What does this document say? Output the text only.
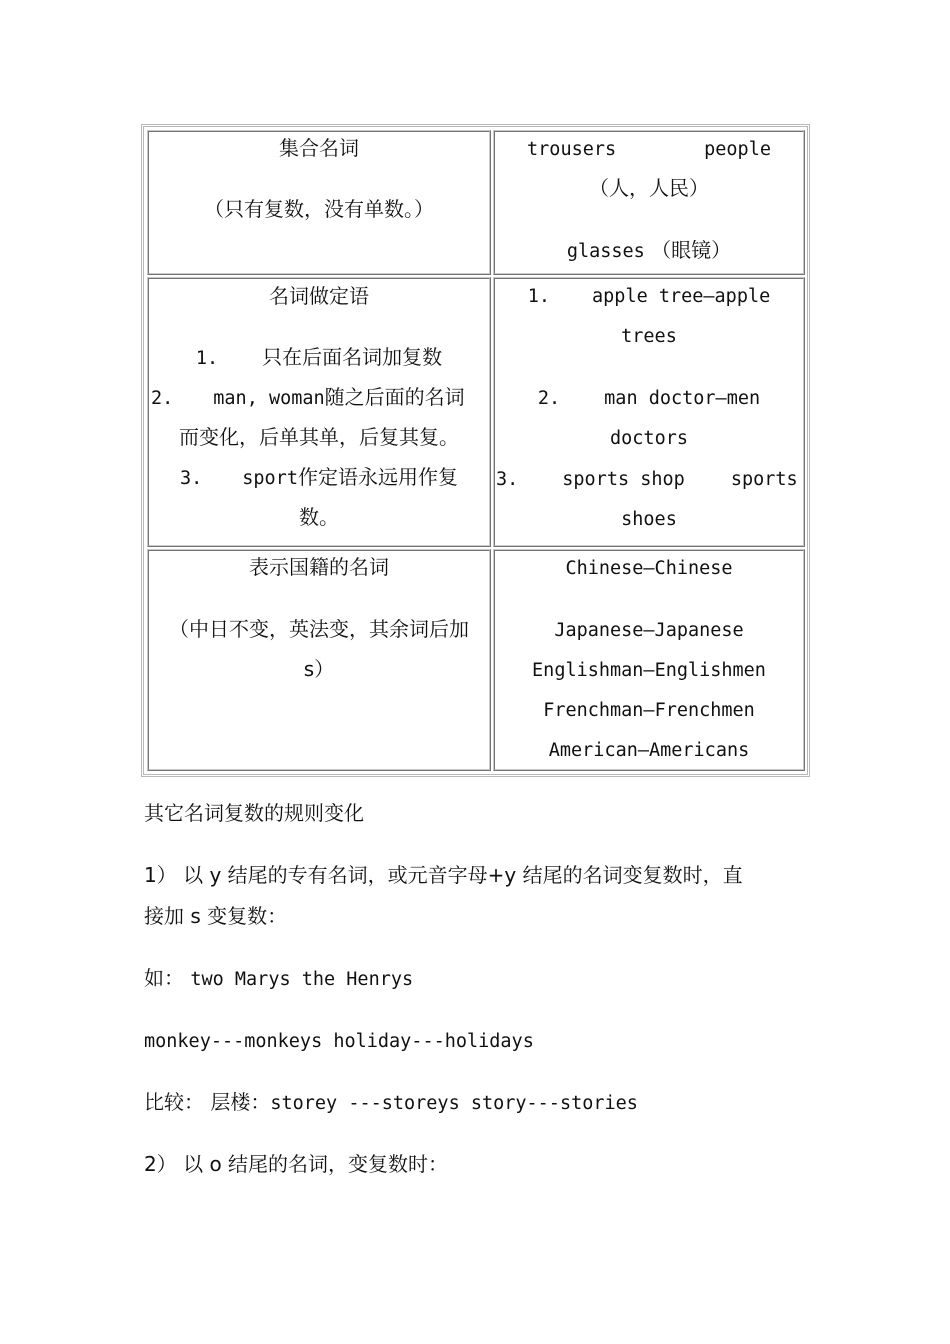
集合名词
（只有复数，没有单数。）
trousers	people
（人，人民）
glasses （眼镜）
名词做定语
1. 只在后面名词加复数
2. man, woman随之后面的名词
而变化，后单其单，后复其复。
3. sport作定语永远用作复
数。
1. apple tree—apple
trees
2. man doctor—men
doctors
3. sports shop sports
shoes
表示国籍的名词
（中日不变，英法变，其余词后加
s）
Chinese—Chinese
Japanese—Japanese
Englishman—Englishmen
Frenchman—Frenchmen
American—Americans
其它名词复数的规则变化
1） 以 y 结尾的专有名词，或元音字母+y 结尾的名词变复数时，直
接加 s 变复数：
如： two Marys the Henrys
monkey---monkeys holiday---holidays
比较： 层楼：storey ---storeys story---stories
2） 以 o 结尾的名词，变复数时：
